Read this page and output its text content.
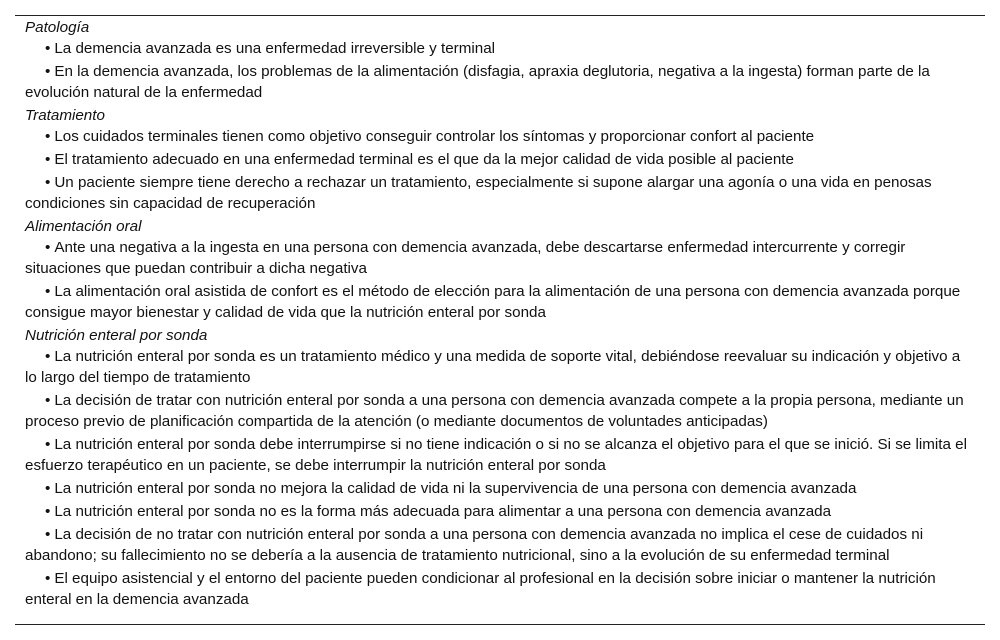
Patología

• La demencia avanzada es una enfermedad irreversible y terminal

• En la demencia avanzada, los problemas de la alimentación (disfagia, apraxia deglutoria, negativa a la ingesta) forman parte de la evolución natural de la enfermedad

Tratamiento

• Los cuidados terminales tienen como objetivo conseguir controlar los síntomas y proporcionar confort al paciente

• El tratamiento adecuado en una enfermedad terminal es el que da la mejor calidad de vida posible al paciente

• Un paciente siempre tiene derecho a rechazar un tratamiento, especialmente si supone alargar una agonía o una vida en penosas condiciones sin capacidad de recuperación

Alimentación oral

• Ante una negativa a la ingesta en una persona con demencia avanzada, debe descartarse enfermedad intercurrente y corregir situaciones que puedan contribuir a dicha negativa

• La alimentación oral asistida de confort es el método de elección para la alimentación de una persona con demencia avanzada porque consigue mayor bienestar y calidad de vida que la nutrición enteral por sonda

Nutrición enteral por sonda

• La nutrición enteral por sonda es un tratamiento médico y una medida de soporte vital, debiéndose reevaluar su indicación y objetivo a lo largo del tiempo de tratamiento

• La decisión de tratar con nutrición enteral por sonda a una persona con demencia avanzada compete a la propia persona, mediante un proceso previo de planificación compartida de la atención (o mediante documentos de voluntades anticipadas)

• La nutrición enteral por sonda debe interrumpirse si no tiene indicación o si no se alcanza el objetivo para el que se inició. Si se limita el esfuerzo terapéutico en un paciente, se debe interrumpir la nutrición enteral por sonda

• La nutrición enteral por sonda no mejora la calidad de vida ni la supervivencia de una persona con demencia avanzada

• La nutrición enteral por sonda no es la forma más adecuada para alimentar a una persona con demencia avanzada

• La decisión de no tratar con nutrición enteral por sonda a una persona con demencia avanzada no implica el cese de cuidados ni abandono; su fallecimiento no se debería a la ausencia de tratamiento nutricional, sino a la evolución de su enfermedad terminal

• El equipo asistencial y el entorno del paciente pueden condicionar al profesional en la decisión sobre iniciar o mantener la nutrición enteral en la demencia avanzada
